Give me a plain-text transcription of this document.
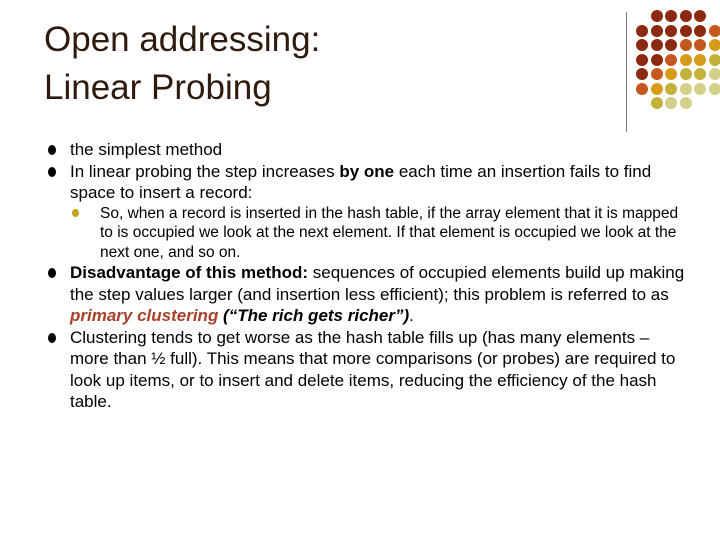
Open addressing:
Linear Probing
the simplest method
In linear probing the step increases by one each time an insertion fails to find space to insert a record:
So, when a record is inserted in the hash table, if the array element that it is mapped to is occupied we look at the next element. If that element is occupied we look at the next one, and so on.
Disadvantage of this method: sequences of occupied elements build up making the step values larger (and insertion less efficient); this problem is referred to as primary clustering (“The rich gets richer”).
Clustering tends to get worse as the hash table fills up (has many elements – more than ½ full). This means that more comparisons (or probes) are required to look up items, or to insert and delete items, reducing the efficiency of the hash table.
